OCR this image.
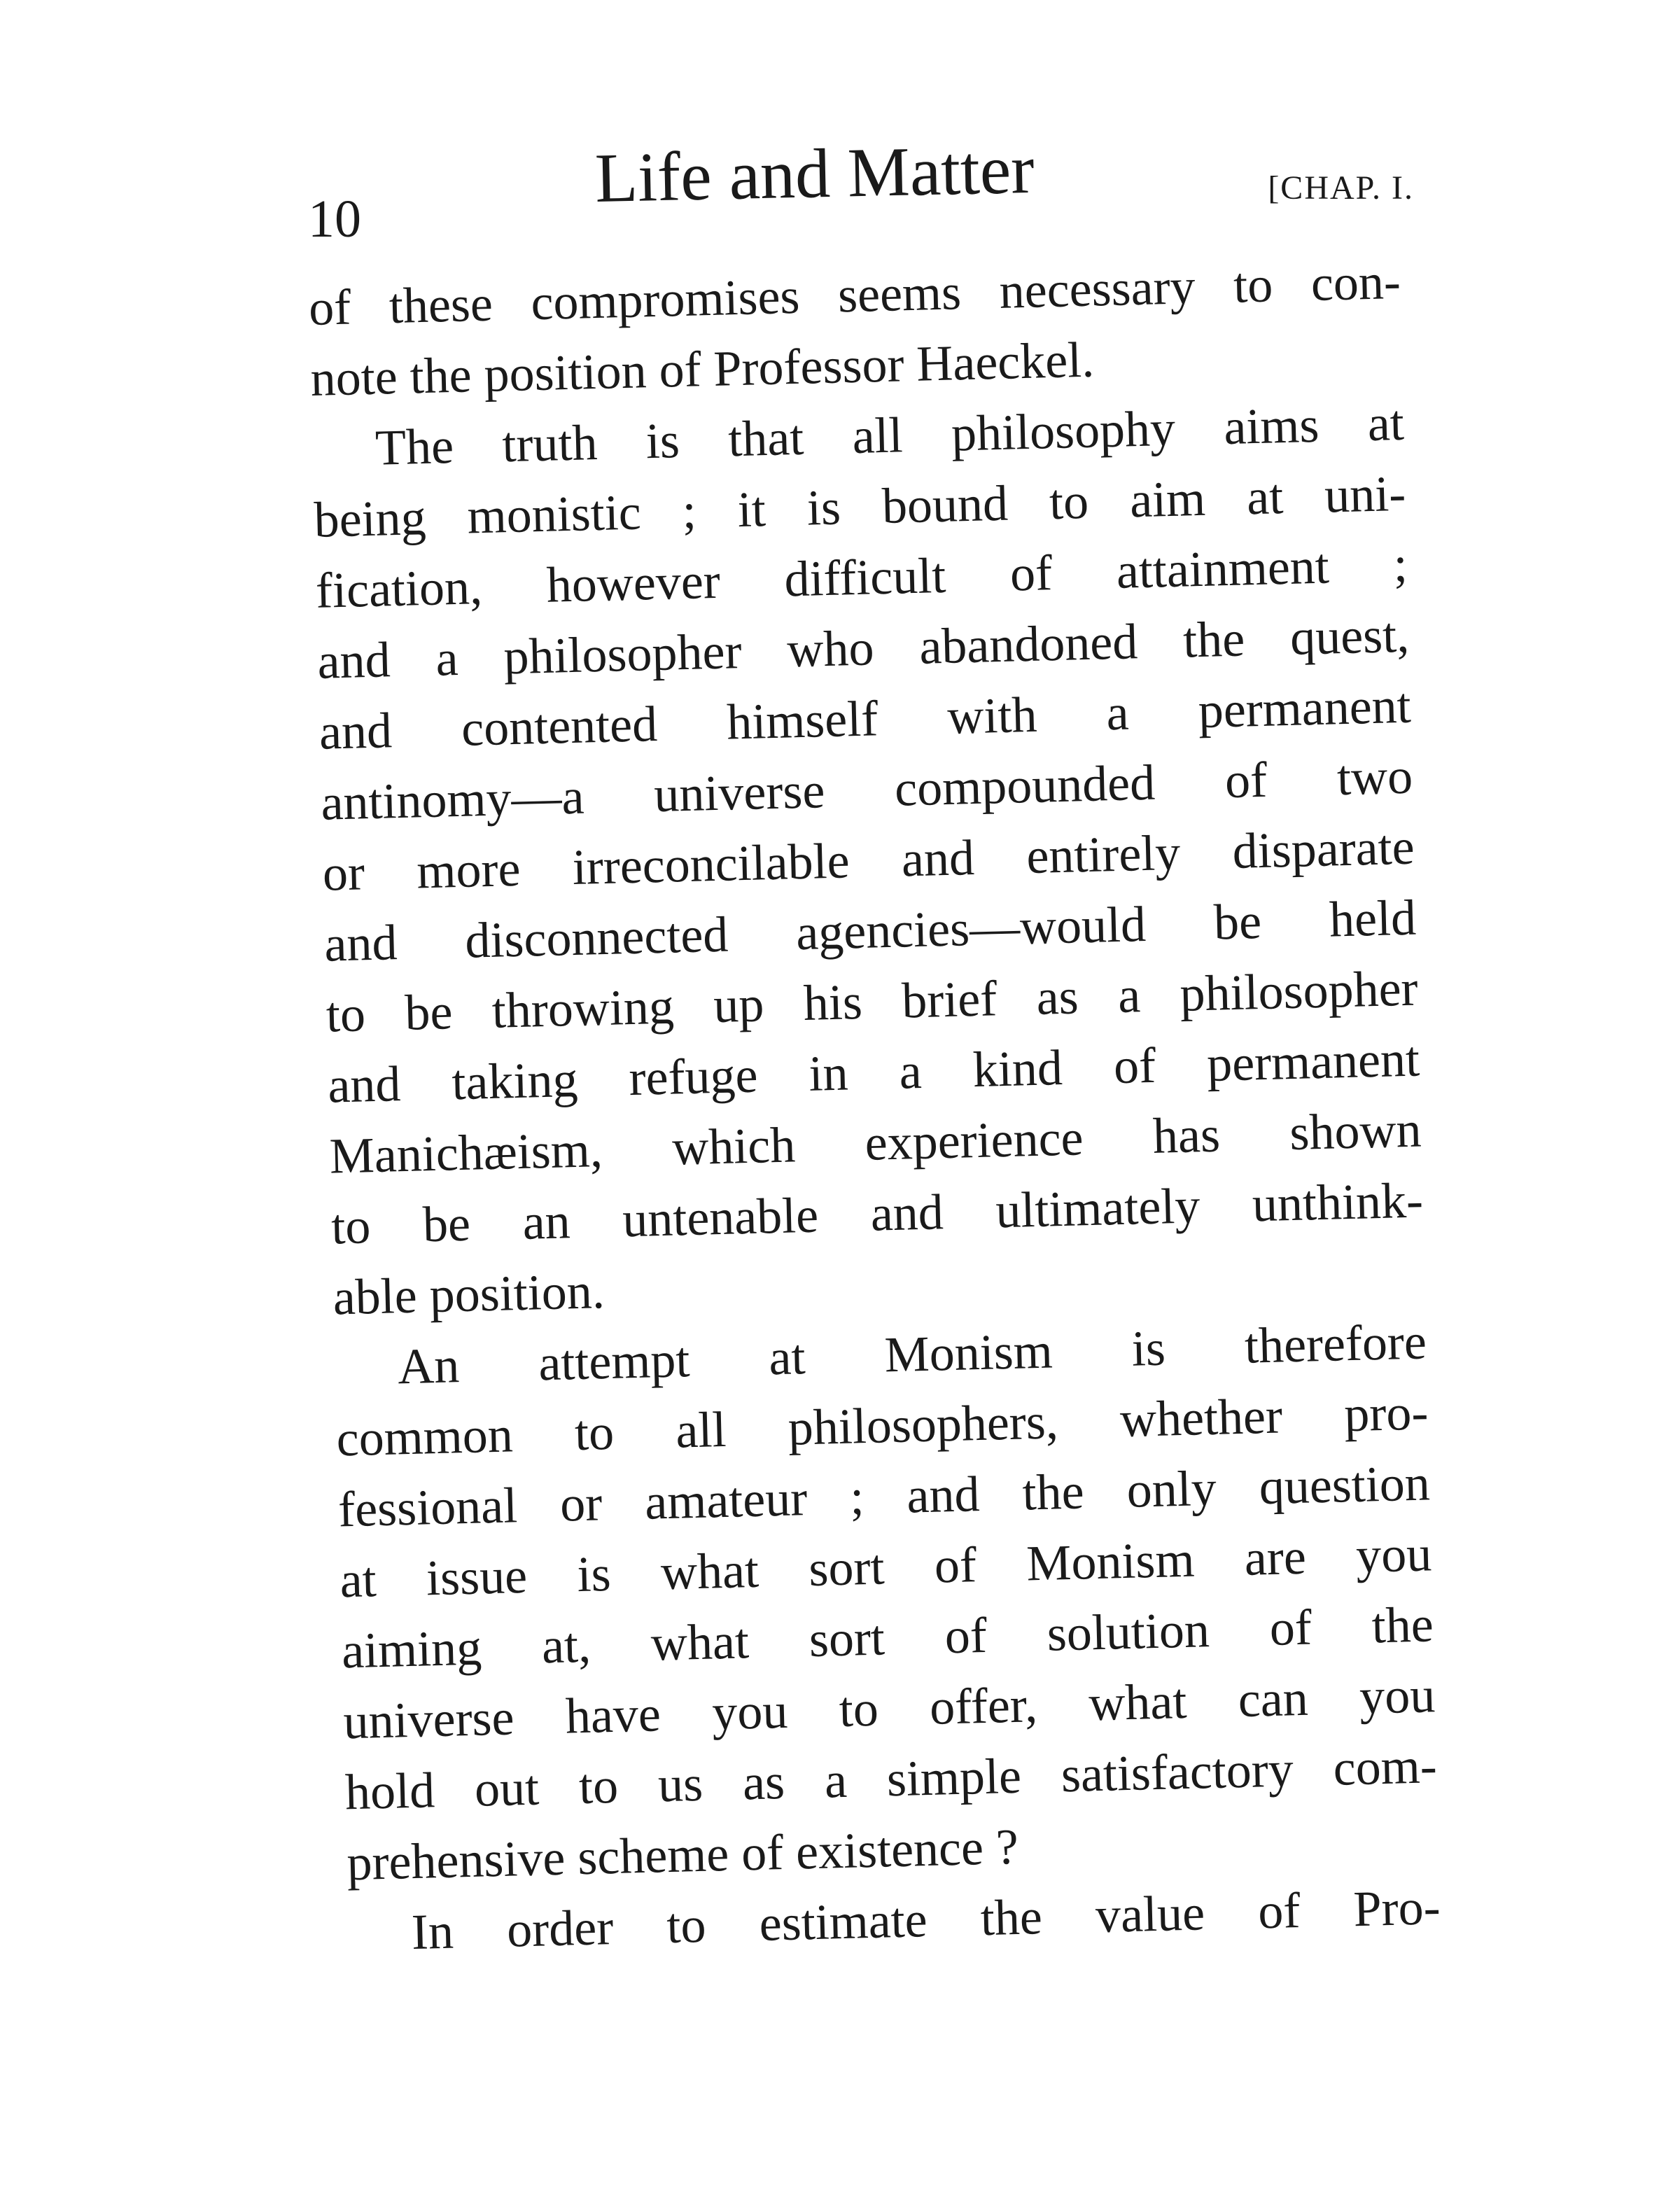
10
Life and Matter	[CHAP. I.
of these compromises seems necessary to con-
note the position of Professor Haeckel.
The truth is that all philosophy aims at
being monistic ; it is bound to aim at uni-
fication, however difficult of attainment ;
and a philosopher who abandoned the quest,
and contented himself with a permanent
antinomy—a universe compounded of two
or more irreconcilable and entirely disparate
and disconnected agencies—would be held
to be throwing up his brief as a philosopher
and taking refuge in a kind of permanent
Manichæism, which experience has shown
to be an untenable and ultimately unthink-
able position.
An attempt at Monism is therefore
common to all philosophers, whether pro-
fessional or amateur ; and the only question
at issue is what sort of Monism are you
aiming at, what sort of solution of the
universe have you to offer, what can you
hold out to us as a simple satisfactory com-
prehensive scheme of existence ?
In order to estimate the value of Pro-
